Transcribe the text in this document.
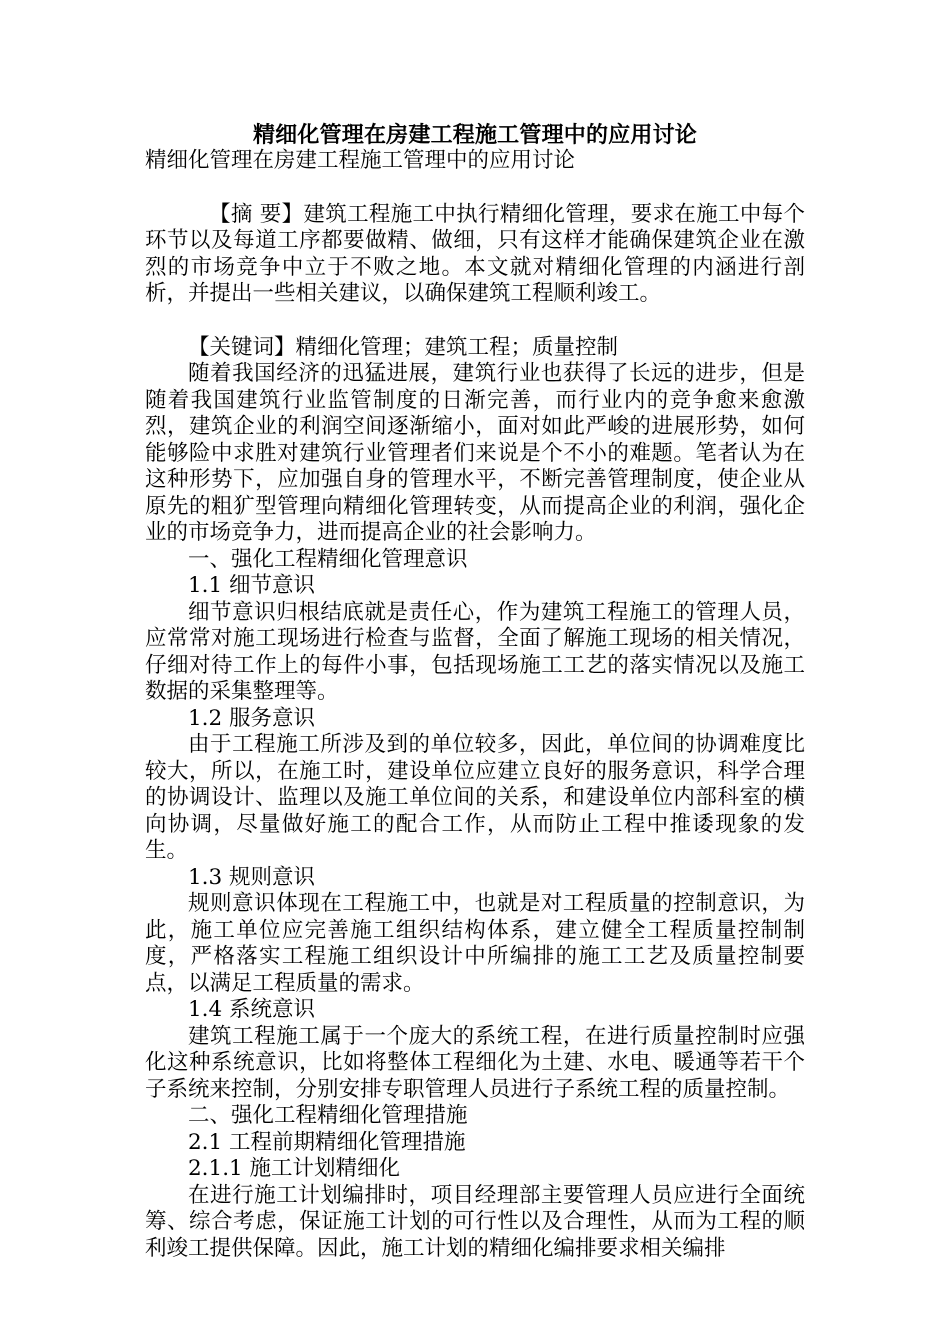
精细化管理在房建工程施工管理中的应用讨论

精细化管理在房建工程施工管理中的应用讨论

【摘 要】建筑工程施工中执行精细化管理，要求在施工中每个环节以及每道工序都要做精、做细，只有这样才能确保建筑企业在激烈的市场竞争中立于不败之地。本文就对精细化管理的内涵进行剖析，并提出一些相关建议，以确保建筑工程顺利竣工。

【关键词】精细化管理；建筑工程；质量控制

随着我国经济的迅猛进展，建筑行业也获得了长远的进步，但是随着我国建筑行业监管制度的日渐完善，而行业内的竞争愈来愈激烈，建筑企业的利润空间逐渐缩小，面对如此严峻的进展形势，如何能够险中求胜对建筑行业管理者们来说是个不小的难题。笔者认为在这种形势下，应加强自身的管理水平，不断完善管理制度，使企业从原先的粗犷型管理向精细化管理转变，从而提高企业的利润，强化企业的市场竞争力，进而提高企业的社会影响力。

一、强化工程精细化管理意识

1.1 细节意识

细节意识归根结底就是责任心，作为建筑工程施工的管理人员，应常常对施工现场进行检查与监督，全面了解施工现场的相关情况，仔细对待工作上的每件小事，包括现场施工工艺的落实情况以及施工数据的采集整理等。

1.2 服务意识

由于工程施工所涉及到的单位较多，因此，单位间的协调难度比较大，所以，在施工时，建设单位应建立良好的服务意识，科学合理的协调设计、监理以及施工单位间的关系，和建设单位内部科室的横向协调，尽量做好施工的配合工作，从而防止工程中推诿现象的发生。

1.3 规则意识

规则意识体现在工程施工中，也就是对工程质量的控制意识，为此，施工单位应完善施工组织结构体系，建立健全工程质量控制制度，严格落实工程施工组织设计中所编排的施工工艺及质量控制要点，以满足工程质量的需求。

1.4 系统意识

建筑工程施工属于一个庞大的系统工程，在进行质量控制时应强化这种系统意识，比如将整体工程细化为土建、水电、暖通等若干个子系统来控制，分别安排专职管理人员进行子系统工程的质量控制。

二、强化工程精细化管理措施

2.1 工程前期精细化管理措施

2.1.1 施工计划精细化

在进行施工计划编排时，项目经理部主要管理人员应进行全面统筹、综合考虑，保证施工计划的可行性以及合理性，从而为工程的顺利竣工提供保障。因此，施工计划的精细化编排要求相关编排
